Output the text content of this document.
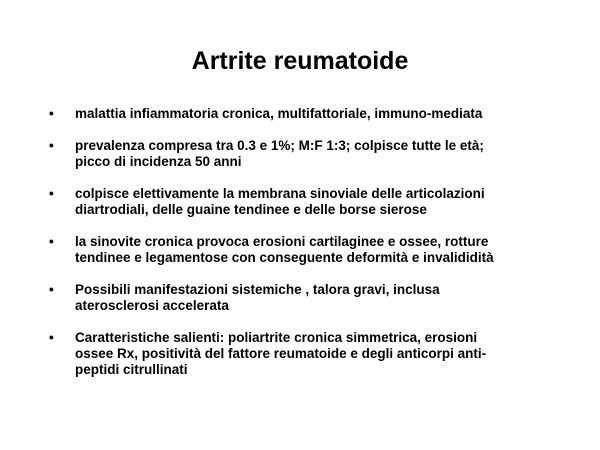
Artrite reumatoide
•	malattia infiammatoria cronica, multifattoriale, immuno-mediata
•	prevalenza compresa tra 0.3 e 1%; M:F 1:3; colpisce tutte le età;
picco di incidenza 50 anni
•	colpisce elettivamente la membrana sinoviale delle articolazioni
diartrodiali, delle guaine tendinee e delle borse sierose
•	la sinovite cronica provoca erosioni cartilaginee e ossee, rotture
tendinee e legamentose con conseguente deformità e invalididità
•	Possibili manifestazioni sistemiche , talora gravi, inclusa
aterosclerosi accelerata
•	Caratteristiche salienti: poliartrite cronica simmetrica, erosioni
ossee Rx, positività del fattore reumatoide e degli anticorpi anti-
peptidi citrullinati
